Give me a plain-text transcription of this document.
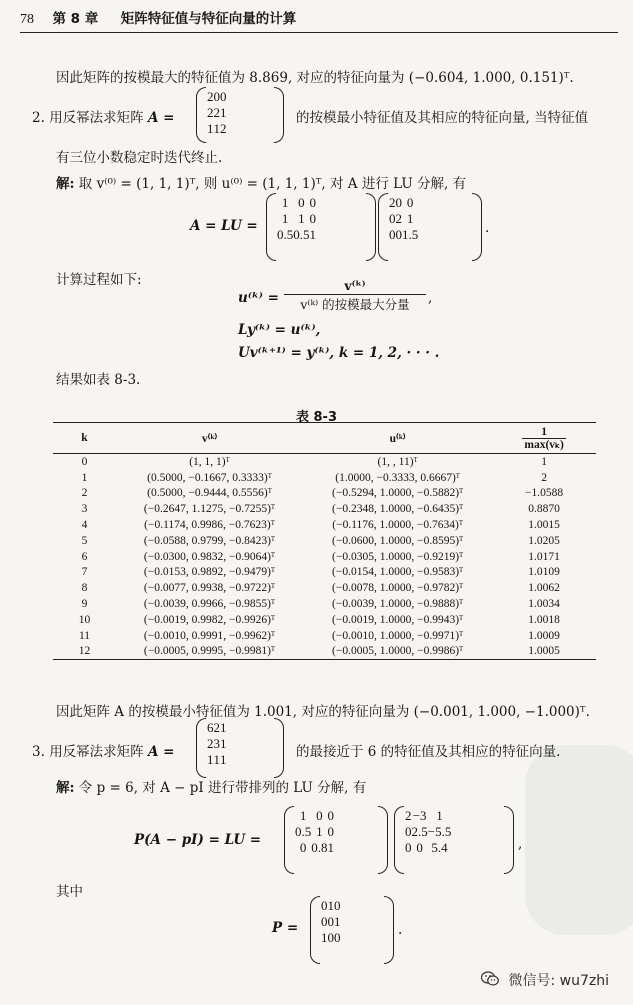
78 第 8 章 矩阵特征值与特征向量的计算
因此矩阵的按模最大的特征值为 8.869, 对应的特征向量为 (−0.604, 1.000, 0.151)ᵀ.
2. 用反幂法求矩阵 A =
2	0	0
2	2	1
1	1	2
的按模最小特征值及其相应的特征向量, 当特征值
有三位小数稳定时迭代终止.
解: 取 v⁽⁰⁾ = (1, 1, 1)ᵀ, 则 u⁽⁰⁾ = (1, 1, 1)ᵀ, 对 A 进行 LU 分解, 有
A = LU =
1	0	0
1	1	0
0.5	0.5	1
2	0	0
0	2	1
0	0	1.5	.
计算过程如下:
u⁽ᵏ⁾ =
v⁽ᵏ⁾
v⁽ᵏ⁾ 的按模最大分量	,
Ly⁽ᵏ⁾ = u⁽ᵏ⁾,
Uv⁽ᵏ⁺¹⁾ = y⁽ᵏ⁾, k = 1, 2, · · · .
结果如表 8-3.
表 8-3
k	v⁽ᵏ⁾	u⁽ᵏ⁾	$\frac{1}{\text{max(vₖ)}}$

0	(1, 1, 1)ᵀ	(1, , 11)ᵀ	1
1	(0.5000, −0.1667, 0.3333)ᵀ	(1.0000, −0.3333, 0.6667)ᵀ	2
2	(0.5000, −0.9444, 0.5556)ᵀ	(−0.5294, 1.0000, −0.5882)ᵀ	−1.0588
3	(−0.2647, 1.1275, −0.7255)ᵀ	(−0.2348, 1.0000, −0.6435)ᵀ	0.8870
4	(−0.1174, 0.9986, −0.7623)ᵀ	(−0.1176, 1.0000, −0.7634)ᵀ	1.0015
5	(−0.0588, 0.9799, −0.8423)ᵀ	(−0.0600, 1.0000, −0.8595)ᵀ	1.0205
6	(−0.0300, 0.9832, −0.9064)ᵀ	(−0.0305, 1.0000, −0.9219)ᵀ	1.0171
7	(−0.0153, 0.9892, −0.9479)ᵀ	(−0.0154, 1.0000, −0.9583)ᵀ	1.0109
8	(−0.0077, 0.9938, −0.9722)ᵀ	(−0.0078, 1.0000, −0.9782)ᵀ	1.0062
9	(−0.0039, 0.9966, −0.9855)ᵀ	(−0.0039, 1.0000, −0.9888)ᵀ	1.0034
10	(−0.0019, 0.9982, −0.9926)ᵀ	(−0.0019, 1.0000, −0.9943)ᵀ	1.0018
11	(−0.0010, 0.9991, −0.9962)ᵀ	(−0.0010, 1.0000, −0.9971)ᵀ	1.0009
12	(−0.0005, 0.9995, −0.9981)ᵀ	(−0.0005, 1.0000, −0.9986)ᵀ	1.0005
因此矩阵 A 的按模最小特征值为 1.001, 对应的特征向量为 (−0.001, 1.000, −1.000)ᵀ.
3. 用反幂法求矩阵 A =
6	2	1
2	3	1
1	1	1	的最接近于 6 的特征值及其相应的特征向量.
解: 令 p = 6, 对 A − pI 进行带排列的 LU 分解, 有
P(A − pI) = LU =
1	0	0
0.5	1	0
0	0.8	1
2	−3	1
0	2.5	−5.5
0	0	5.4	,
其中
P =
0	1	0
0	0	1
1	0	0	.
微信号: wu7zhi
